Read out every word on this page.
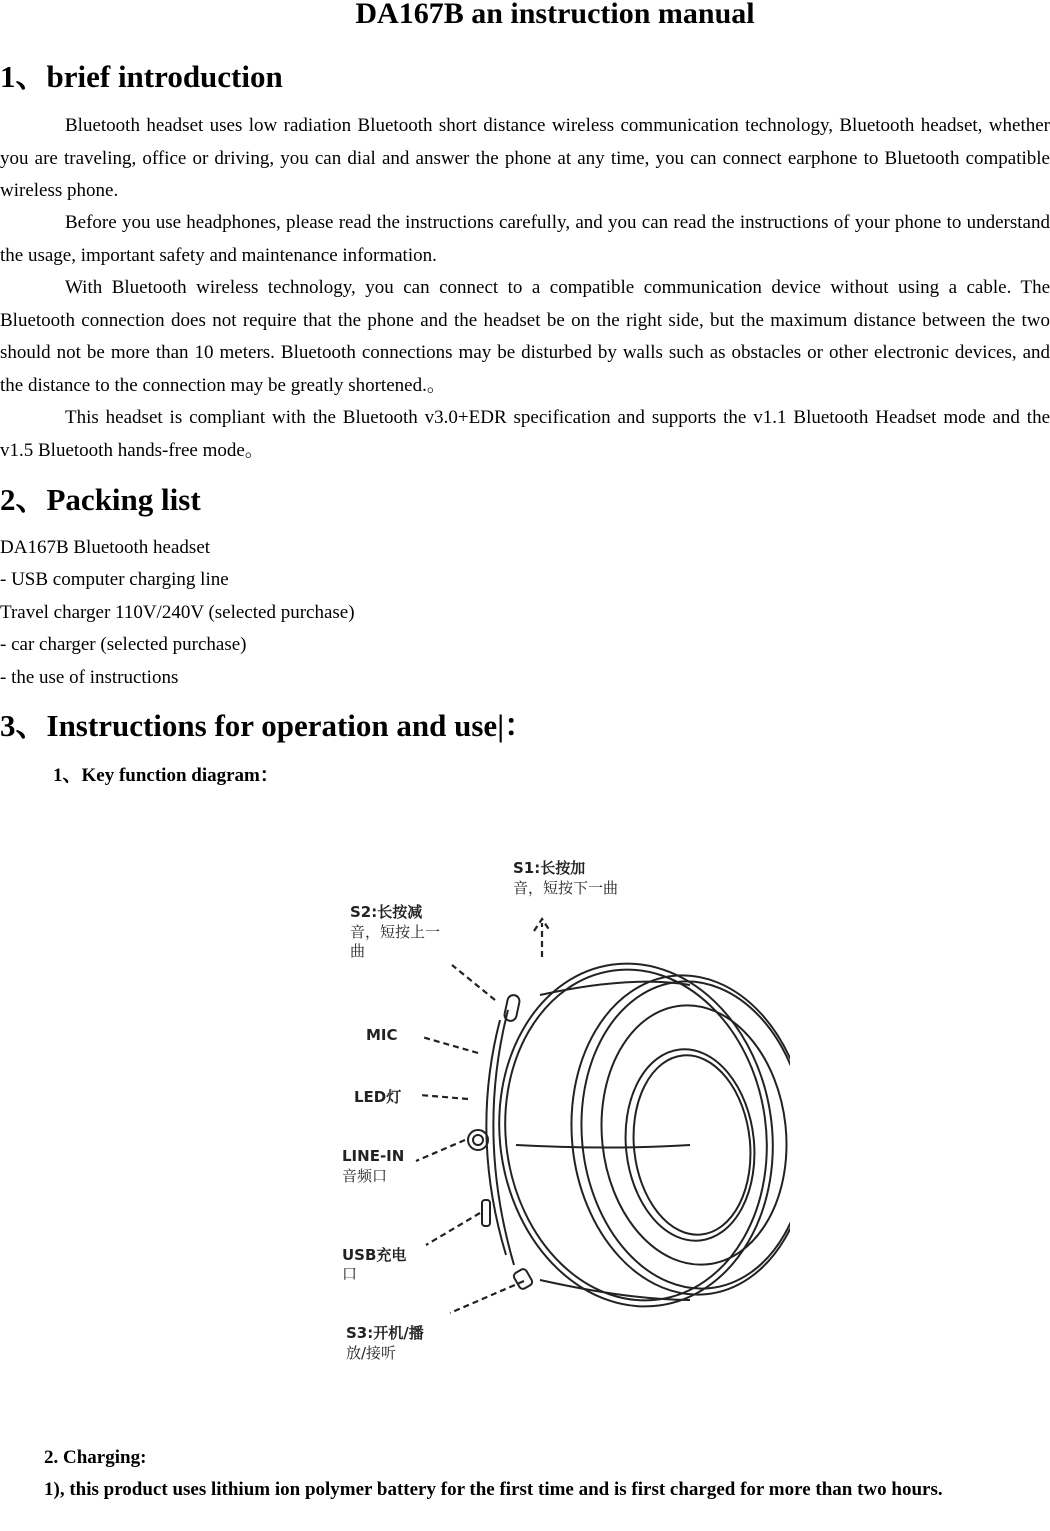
DA167B an instruction manual
1、brief introduction
Bluetooth headset uses low radiation Bluetooth short distance wireless communication technology, Bluetooth headset, whether you are traveling, office or driving, you can dial and answer the phone at any time, you can connect earphone to Bluetooth compatible wireless phone.
Before you use headphones, please read the instructions carefully, and you can read the instructions of your phone to understand the usage, important safety and maintenance information.
With Bluetooth wireless technology, you can connect to a compatible communication device without using a cable. The Bluetooth connection does not require that the phone and the headset be on the right side, but the maximum distance between the two should not be more than 10 meters. Bluetooth connections may be disturbed by walls such as obstacles or other electronic devices, and the distance to the connection may be greatly shortened.。
This headset is compliant with the Bluetooth v3.0+EDR specification and supports the v1.1 Bluetooth Headset mode and the v1.5 Bluetooth hands-free mode。
2、Packing list
DA167B Bluetooth headset
- USB computer charging line
Travel charger 110V/240V (selected purchase)
- car charger (selected purchase)
- the use of instructions
3、Instructions for operation and use|：
1、Key function diagram：
S1:长按加
音，短按下一曲
S2:长按减
音，短按上一
曲
MIC
LED灯
LINE-IN
音频口
USB充电
口
S3:开机/播
放/接听
2. Charging:
1), this product uses lithium ion polymer battery for the first time and is first charged for more than two hours.
